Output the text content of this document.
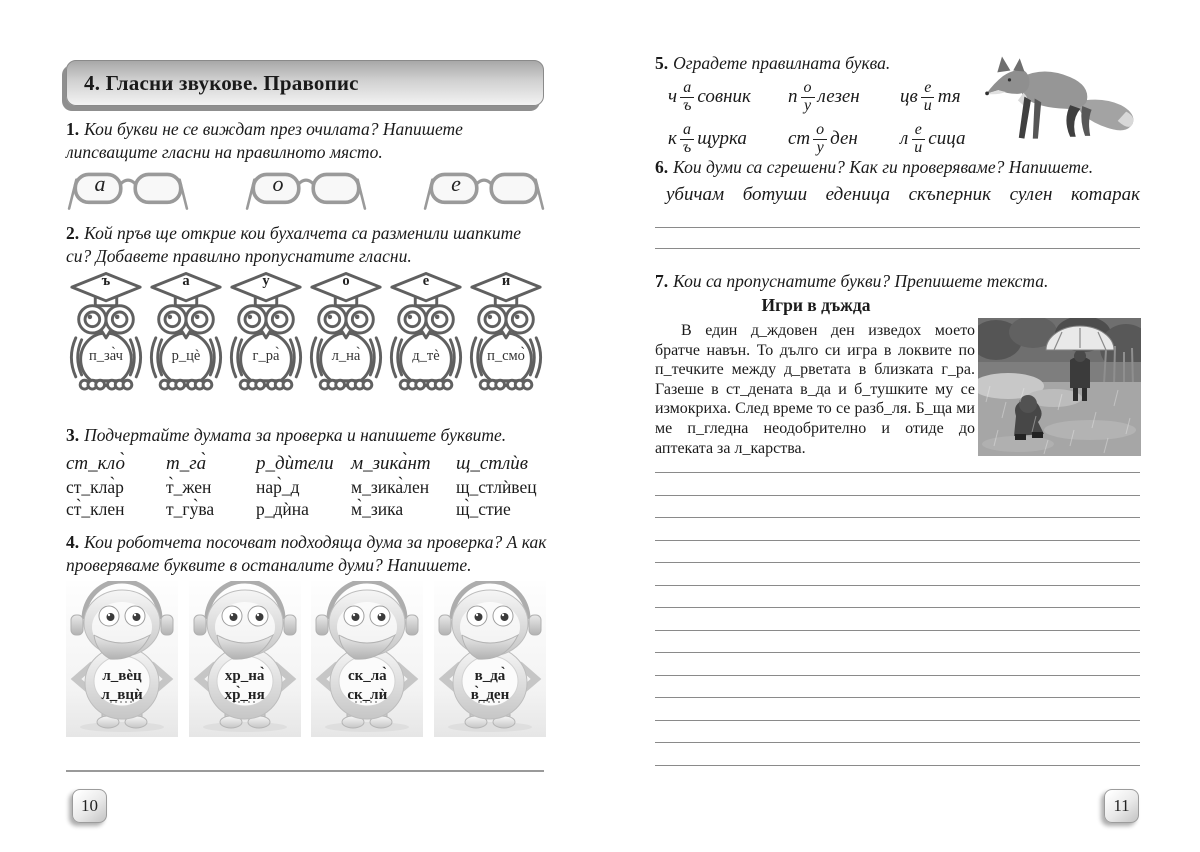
4. Гласни звукове. Правопис

1. Кои букви не се виждат през очилата? Напишете липсващите гласни на правилното място.

а	о	е

2. Кой пръв ще открие кои бухалчета са разменили шапките си? Добавете правилно пропуснатите гласни.

ъ
п_за̀ч
а
р_цѐ
у
г_ра̀
о
л_на̀
е
д_тѐ
и
п_смо̀

3. Подчертайте думата за проверка и напишете буквите.

ст_кло̀
ст_кла̀р
ст̀_клен
т_га̀
т̀_жен
т_гу̀ва
р_дѝтели
нар̀_д
р_дѝна
м_зика̀нт
м_зика̀лен
м̀_зика
щ_стлѝв
щ_стлѝвец
щ̀_стие

4. Кои роботчета посочват подходяща дума за проверка? А как проверяваме буквите в останалите думи? Напишете.

л_вѐц
л_вцѝ
хр_на̀
хр̀_ня
ск_ла̀
ск_лѝ
в_да̀
в̀_ден
10

5. Оградете правилната буква.

ч $\frac{а}{ъ}$ совник п $\frac{о}{у}$ лезен цв $\frac{е}{и}$ тя
к $\frac{а}{ъ}$ щурка ст $\frac{о}{у}$ ден л $\frac{е}{и}$ сица

6. Кои думи са сгрешени? Как ги проверяваме? Напишете.

убичам ботуши еденица скъперник сулен котарак

7. Кои са пропуснатите букви? Препишете текста.

Игри в дъжда
В един д_ждовен ден изведох моето братче навън. То дълго си игра в локвите по п_течките между д_рветата в близката г_ра. Газеше в ст_дената в_да и б_тушките му се измокриха. След време то се разб_ля. Б_ща ми ме п_гледна неодобрително и отиде до аптеката за л_карства.
11
